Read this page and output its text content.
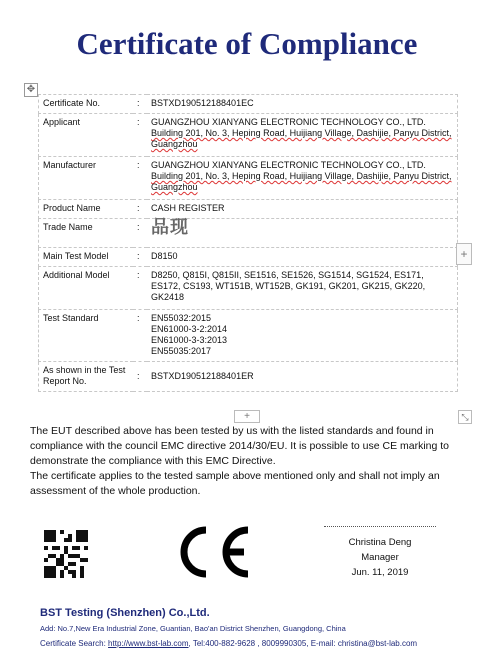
Certificate of Compliance
✥
Certificate No.	:	BSTXD190512188401EC
Applicant	:	GUANGZHOU XIANYANG ELECTRONIC TECHNOLOGY CO., LTD.
Building 201, No. 3, Heping Road, Huijiang Village, Dashijie, Panyu District, Guangzhou

Manufacturer	:	GUANGZHOU XIANYANG ELECTRONIC TECHNOLOGY CO., LTD.
Building 201, No. 3, Heping Road, Huijiang Village, Dashijie, Panyu District, Guangzhou

Product Name	:	CASH REGISTER
Trade Name	:	品现
Main Test Model	:	D8150
Additional Model	:	D8250, Q815I, Q815II, SE1516, SE1526, SG1514, SG1524, ES171, ES172, CS193, WT151B, WT152B, GK191, GK201, GK215, GK220, GK2418
Test Standard	:	EN55032:2015
EN61000-3-2:2014
EN61000-3-3:2013
EN55035:2017

As shown in the Test Report No.	:	BSTXD190512188401ER
+
+	⤡
The EUT described above has been tested by us with the listed standards and found in compliance with the council EMC directive 2014/30/EU. It is possible to use CE marking to demonstrate the compliance with this EMC Directive.
The certificate applies to the tested sample above mentioned only and shall not imply an assessment of the whole production.
Christina Deng
Manager
Jun. 11, 2019
BST Testing (Shenzhen) Co.,Ltd.
Add: No.7,New Era Industrial Zone, Guantian, Bao'an District Shenzhen, Guangdong, China
Certificate Search: http://www.bst-lab.com, Tel:400-882-9628 , 8009990305, E-mail: christina@bst-lab.com
